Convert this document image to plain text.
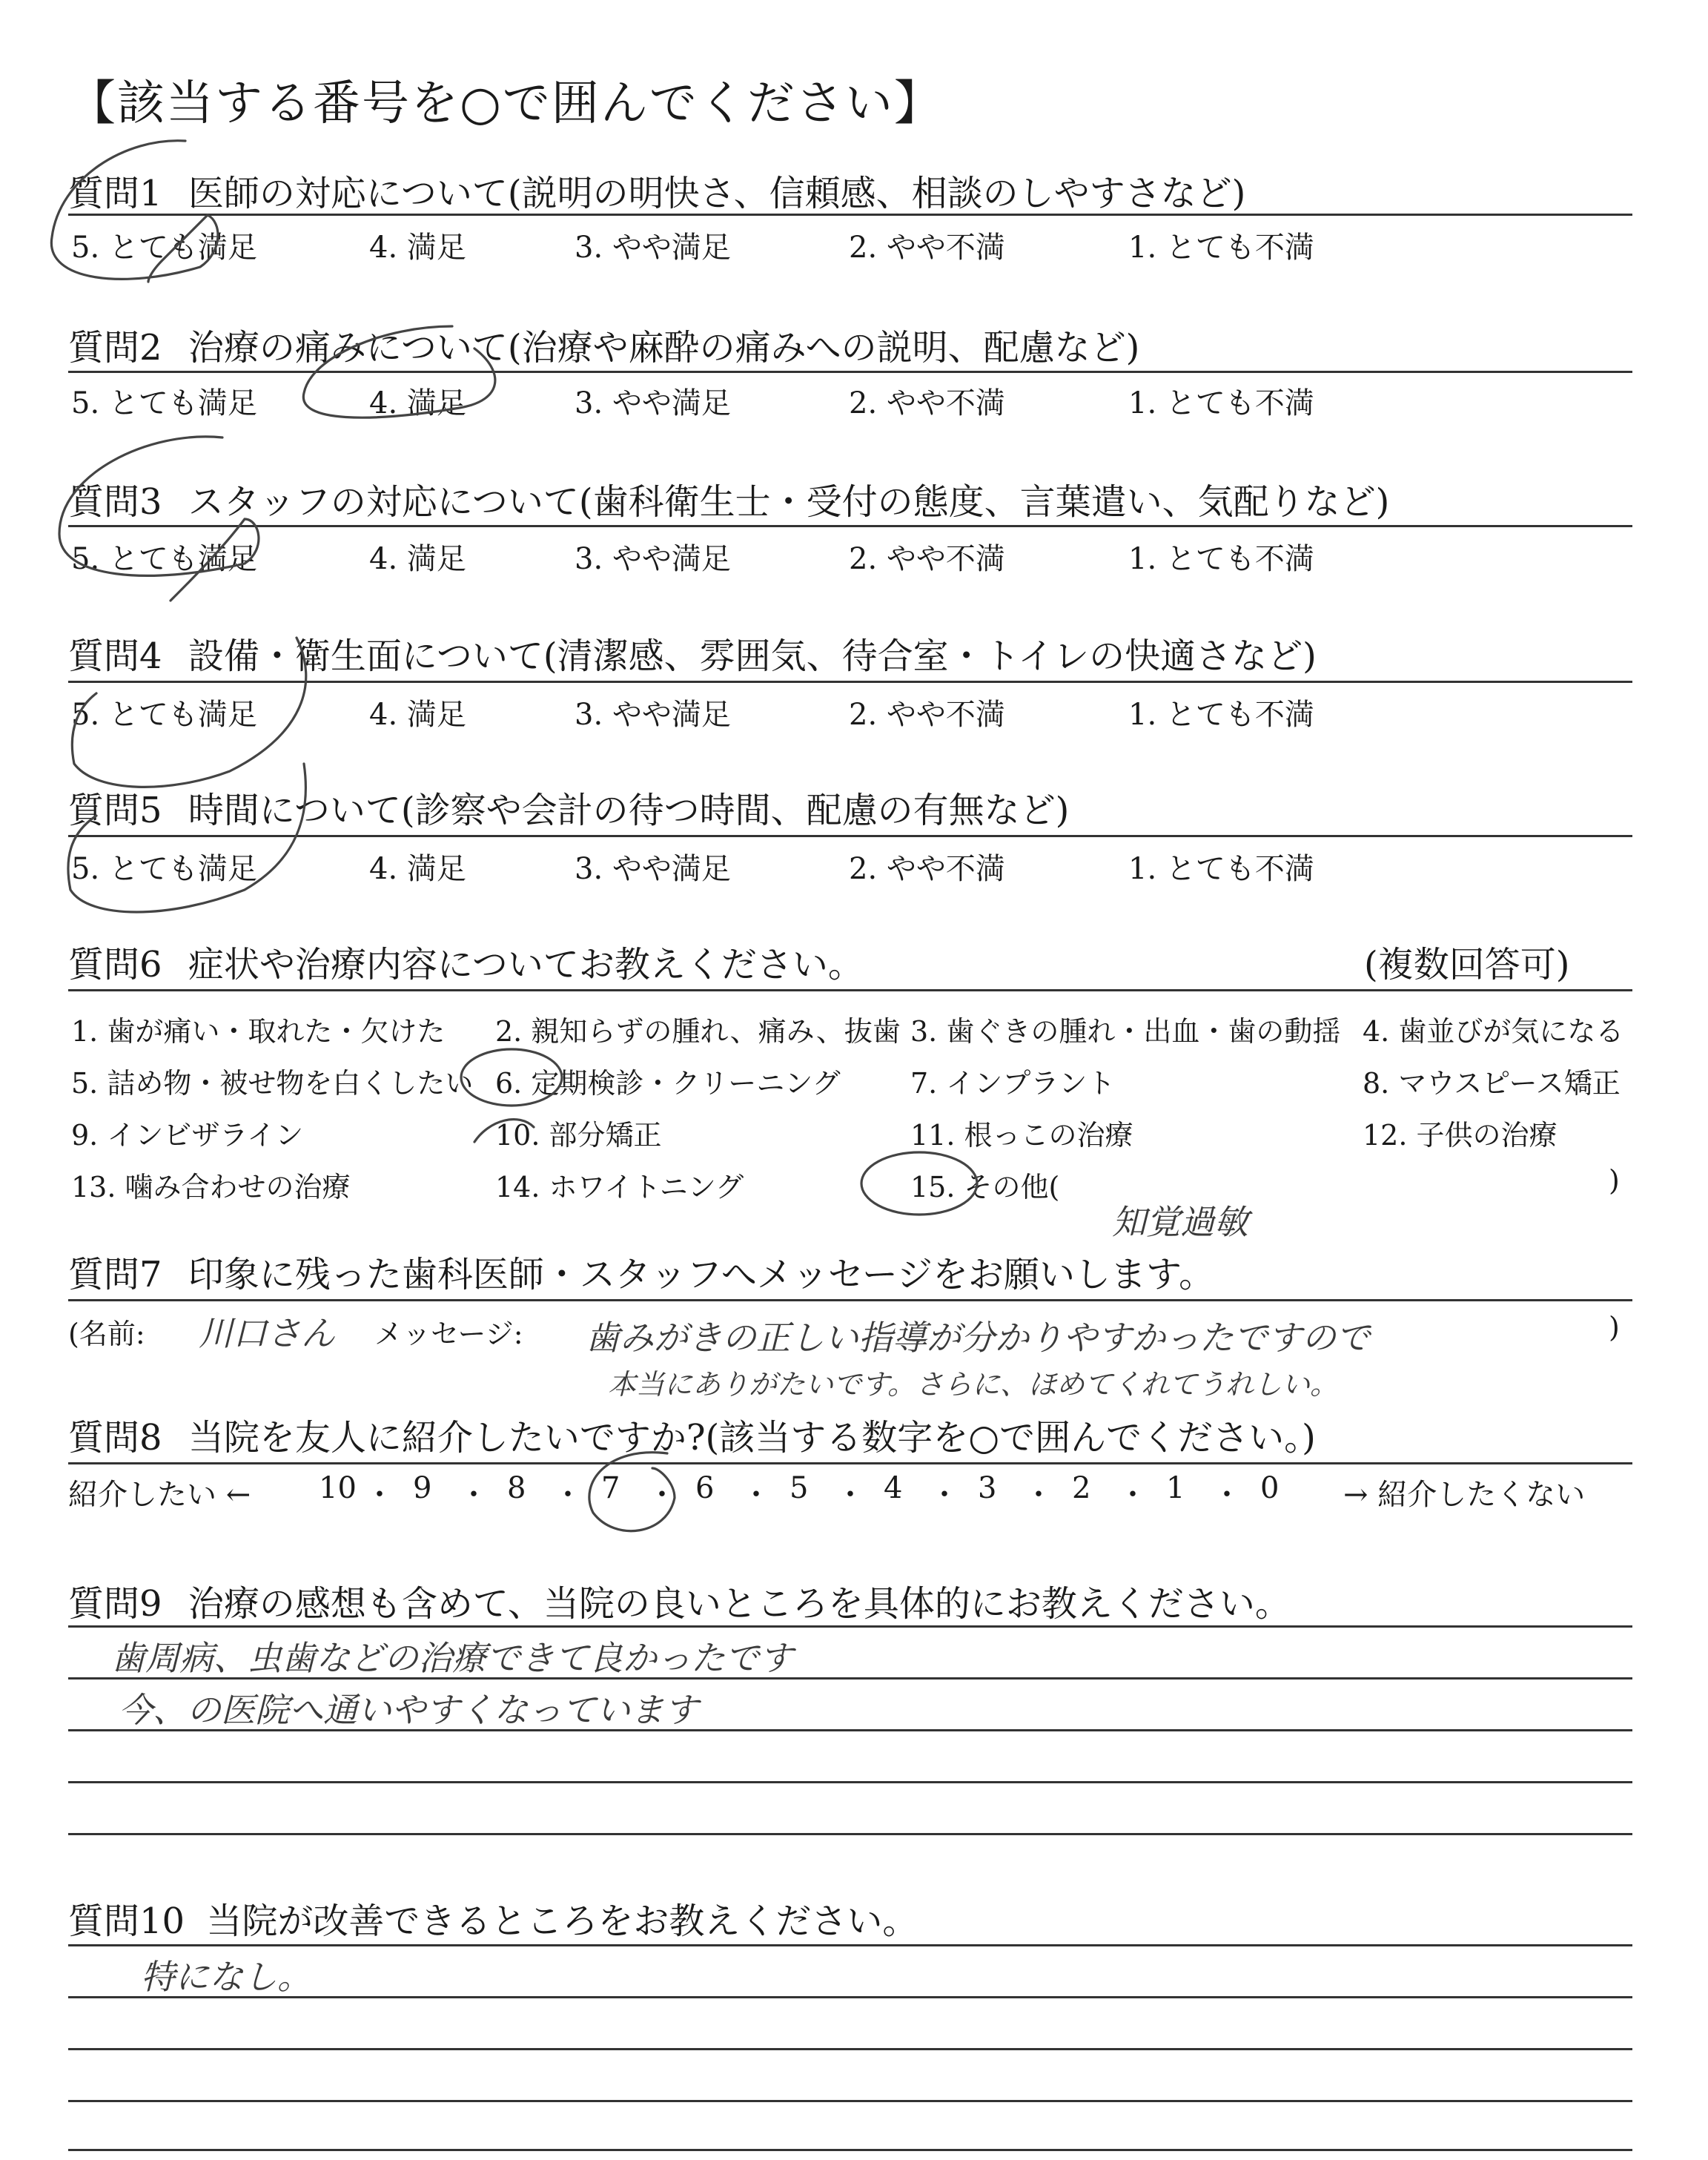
【該当する番号を○で囲んでください】
質問1 医師の対応について(説明の明快さ、信頼感、相談のしやすさなど)
5. とても満足	4. 満足	3. やや満足	2. やや不満	1. とても不満
質問2 治療の痛みについて(治療や麻酔の痛みへの説明、配慮など)
5. とても満足	4. 満足	3. やや満足	2. やや不満	1. とても不満
質問3 スタッフの対応について(歯科衛生士・受付の態度、言葉遣い、気配りなど)
5. とても満足	4. 満足	3. やや満足	2. やや不満	1. とても不満
質問4 設備・衛生面について(清潔感、雰囲気、待合室・トイレの快適さなど)
5. とても満足	4. 満足	3. やや満足	2. やや不満	1. とても不満
質問5 時間について(診察や会計の待つ時間、配慮の有無など)
5. とても満足	4. 満足	3. やや満足	2. やや不満	1. とても不満
質問6 症状や治療内容についてお教えください。	(複数回答可)
1. 歯が痛い・取れた・欠けた 2. 親知らずの腫れ、痛み、抜歯 3. 歯ぐきの腫れ・出血・歯の動揺 4. 歯並びが気になる
5. 詰め物・被せ物を白くしたい 6. 定期検診・クリーニング 7. インプラント	8. マウスピース矯正
9. インビザライン	10. 部分矯正	11. 根っこの治療	12. 子供の治療
13. 噛み合わせの治療	14. ホワイトニング	15. その他(	)
知覚過敏
質問7 印象に残った歯科医師・スタッフへメッセージをお願いします。
(名前: 川口さん メッセージ:	)
歯みがきの正しい指導が分かりやすかったですので
本当にありがたいです。さらに、ほめてくれてうれしい。
質問8 当院を友人に紹介したいですか?(該当する数字を○で囲んでください。)
紹介したい ←	→ 紹介したくない
10 ・ 9 ・ 8 ・ 7 ・ 6 ・ 5 ・ 4 ・ 3 ・ 2 ・ 1 ・ 0
質問9 治療の感想も含めて、当院の良いところを具体的にお教えください。
歯周病、虫歯などの治療できて良かったです
今、の医院へ通いやすくなっています
質問10 当院が改善できるところをお教えください。
特になし。
